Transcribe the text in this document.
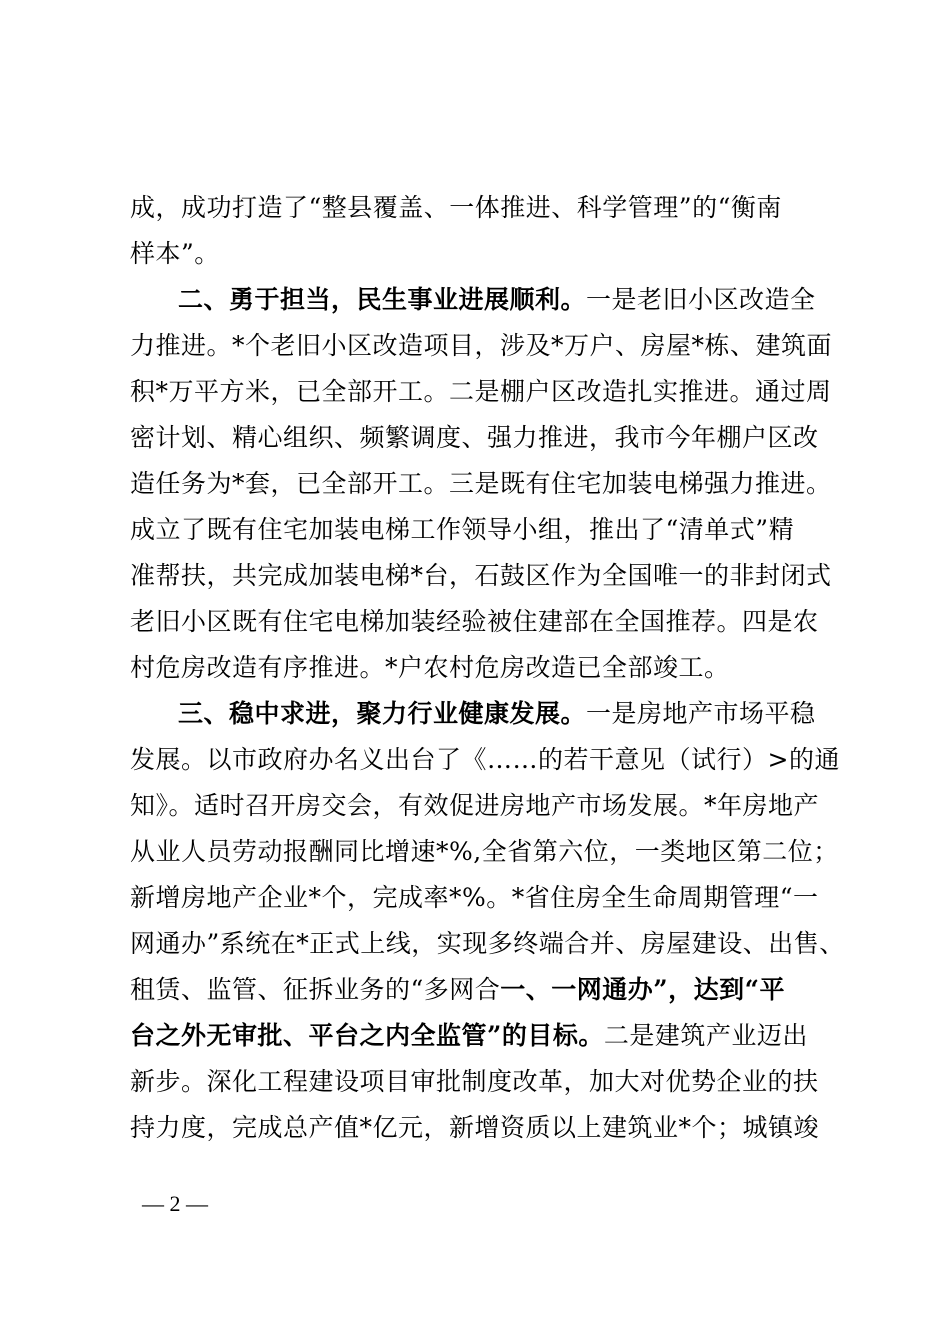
成，成功打造了“整县覆盖、一体推进、科学管理”的“衡南
样本”。
二、勇于担当，民生事业进展顺利。一是老旧小区改造全
力推进。*个老旧小区改造项目，涉及*万户、房屋*栋、建筑面
积*万平方米，已全部开工。二是棚户区改造扎实推进。通过周
密计划、精心组织、频繁调度、强力推进，我市今年棚户区改
造任务为*套，已全部开工。三是既有住宅加装电梯强力推进。
成立了既有住宅加装电梯工作领导小组，推出了“清单式”精
准帮扶，共完成加装电梯*台，石鼓区作为全国唯一的非封闭式
老旧小区既有住宅电梯加装经验被住建部在全国推荐。四是农
村危房改造有序推进。*户农村危房改造已全部竣工。
三、稳中求进，聚力行业健康发展。一是房地产市场平稳
发展。以市政府办名义出台了《……的若干意见（试行）>的通
知》。适时召开房交会，有效促进房地产市场发展。*年房地产
从业人员劳动报酬同比增速*%,全省第六位，一类地区第二位；
新增房地产企业*个，完成率*%。*省住房全生命周期管理“一
网通办”系统在*正式上线，实现多终端合并、房屋建设、出售、
租赁、监管、征拆业务的“多网合一、一网通办”，达到“平
台之外无审批、平台之内全监管”的目标。二是建筑产业迈出
新步。深化工程建设项目审批制度改革，加大对优势企业的扶
持力度，完成总产值*亿元，新增资质以上建筑业*个；城镇竣
— 2 —
